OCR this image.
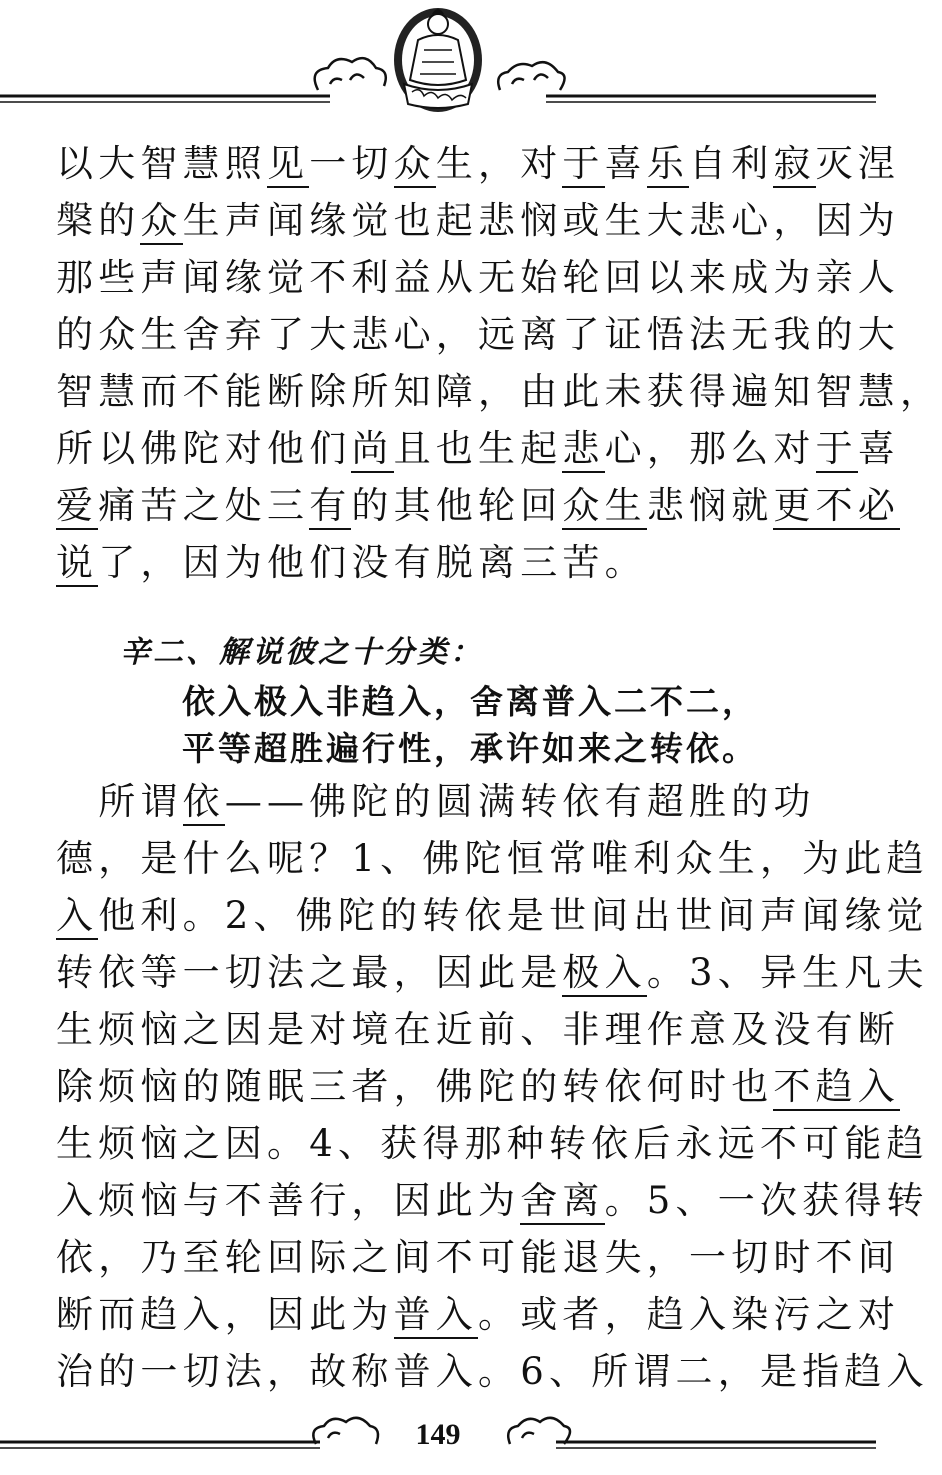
以大智慧照见一切众生，对于喜乐自利寂灭涅
槃的众生声闻缘觉也起悲悯或生大悲心，因为
那些声闻缘觉不利益从无始轮回以来成为亲人
的众生舍弃了大悲心，远离了证悟法无我的大
智慧而不能断除所知障，由此未获得遍知智慧，
所以佛陀对他们尚且也生起悲心，那么对于喜
爱痛苦之处三有的其他轮回众生悲悯就更不必
说了，因为他们没有脱离三苦。
辛二、解说彼之十分类：
依入极入非趋入，舍离普入二不二，
平等超胜遍行性，承许如来之转依。
　所谓依——佛陀的圆满转依有超胜的功
德，是什么呢？1、佛陀恒常唯利众生，为此趋
入他利。2、佛陀的转依是世间出世间声闻缘觉
转依等一切法之最，因此是极入。3、异生凡夫
生烦恼之因是对境在近前、非理作意及没有断
除烦恼的随眠三者，佛陀的转依何时也不趋入
生烦恼之因。4、获得那种转依后永远不可能趋
入烦恼与不善行，因此为舍离。5、一次获得转
依，乃至轮回际之间不可能退失，一切时不间
断而趋入，因此为普入。或者，趋入染污之对
治的一切法，故称普入。6、所谓二，是指趋入
149
